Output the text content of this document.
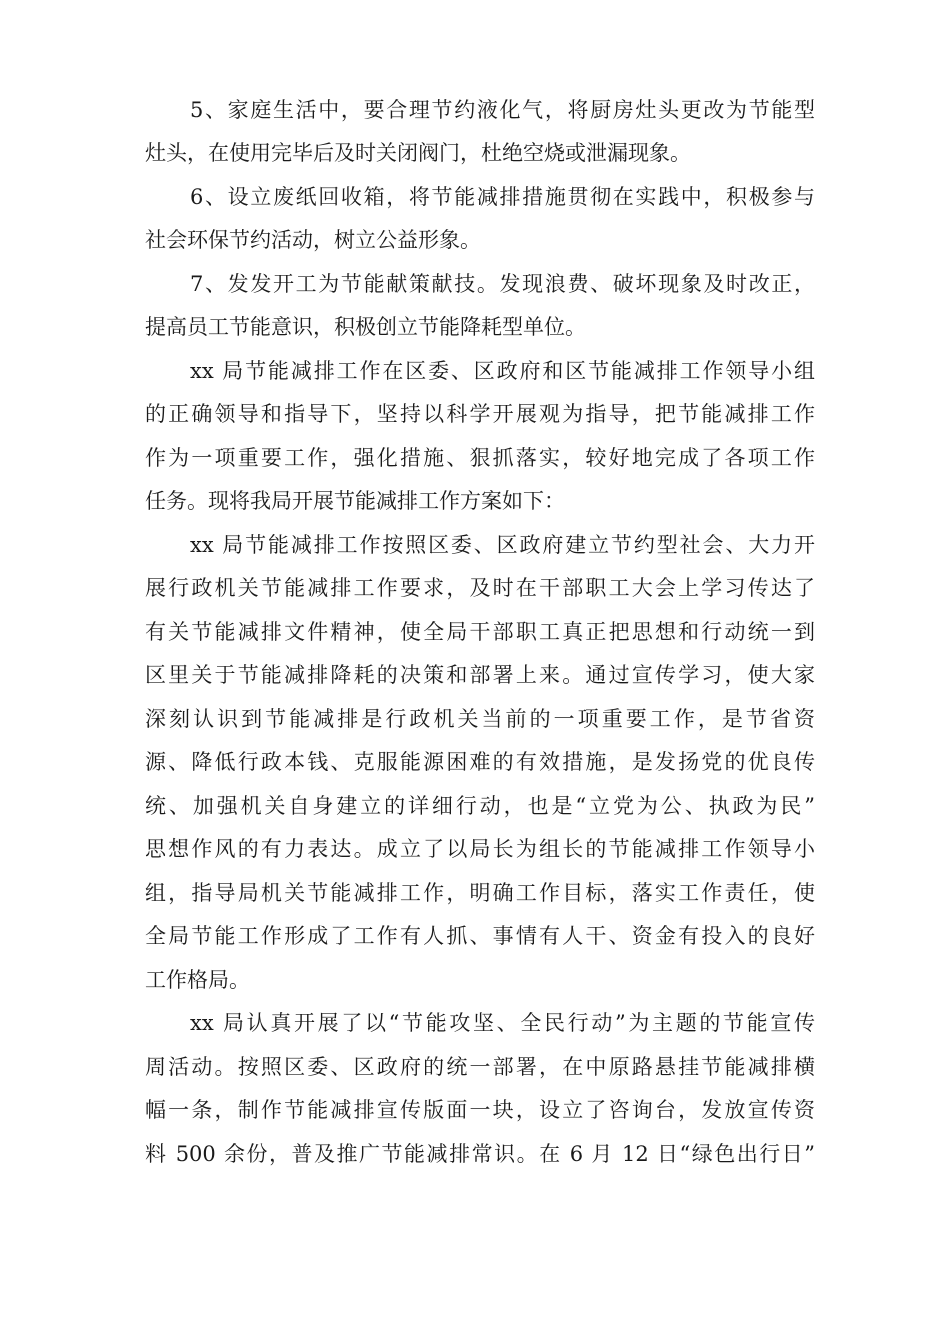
5、家庭生活中，要合理节约液化气，将厨房灶头更改为节能型
灶头，在使用完毕后及时关闭阀门，杜绝空烧或泄漏现象。
6、设立废纸回收箱，将节能减排措施贯彻在实践中，积极参与
社会环保节约活动，树立公益形象。
7、发发开工为节能献策献技。发现浪费、破坏现象及时改正，
提高员工节能意识，积极创立节能降耗型单位。
xx 局节能减排工作在区委、区政府和区节能减排工作领导小组
的正确领导和指导下，坚持以科学开展观为指导，把节能减排工作
作为一项重要工作，强化措施、狠抓落实，较好地完成了各项工作
任务。现将我局开展节能减排工作方案如下：
xx 局节能减排工作按照区委、区政府建立节约型社会、大力开
展行政机关节能减排工作要求，及时在干部职工大会上学习传达了
有关节能减排文件精神，使全局干部职工真正把思想和行动统一到
区里关于节能减排降耗的决策和部署上来。通过宣传学习，使大家
深刻认识到节能减排是行政机关当前的一项重要工作，是节省资
源、降低行政本钱、克服能源困难的有效措施，是发扬党的优良传
统、加强机关自身建立的详细行动，也是“立党为公、执政为民”
思想作风的有力表达。成立了以局长为组长的节能减排工作领导小
组，指导局机关节能减排工作，明确工作目标，落实工作责任，使
全局节能工作形成了工作有人抓、事情有人干、资金有投入的良好
工作格局。
xx 局认真开展了以“节能攻坚、全民行动”为主题的节能宣传
周活动。按照区委、区政府的统一部署，在中原路悬挂节能减排横
幅一条，制作节能减排宣传版面一块，设立了咨询台，发放宣传资
料 500 余份，普及推广节能减排常识。在 6 月 12 日“绿色出行日”
